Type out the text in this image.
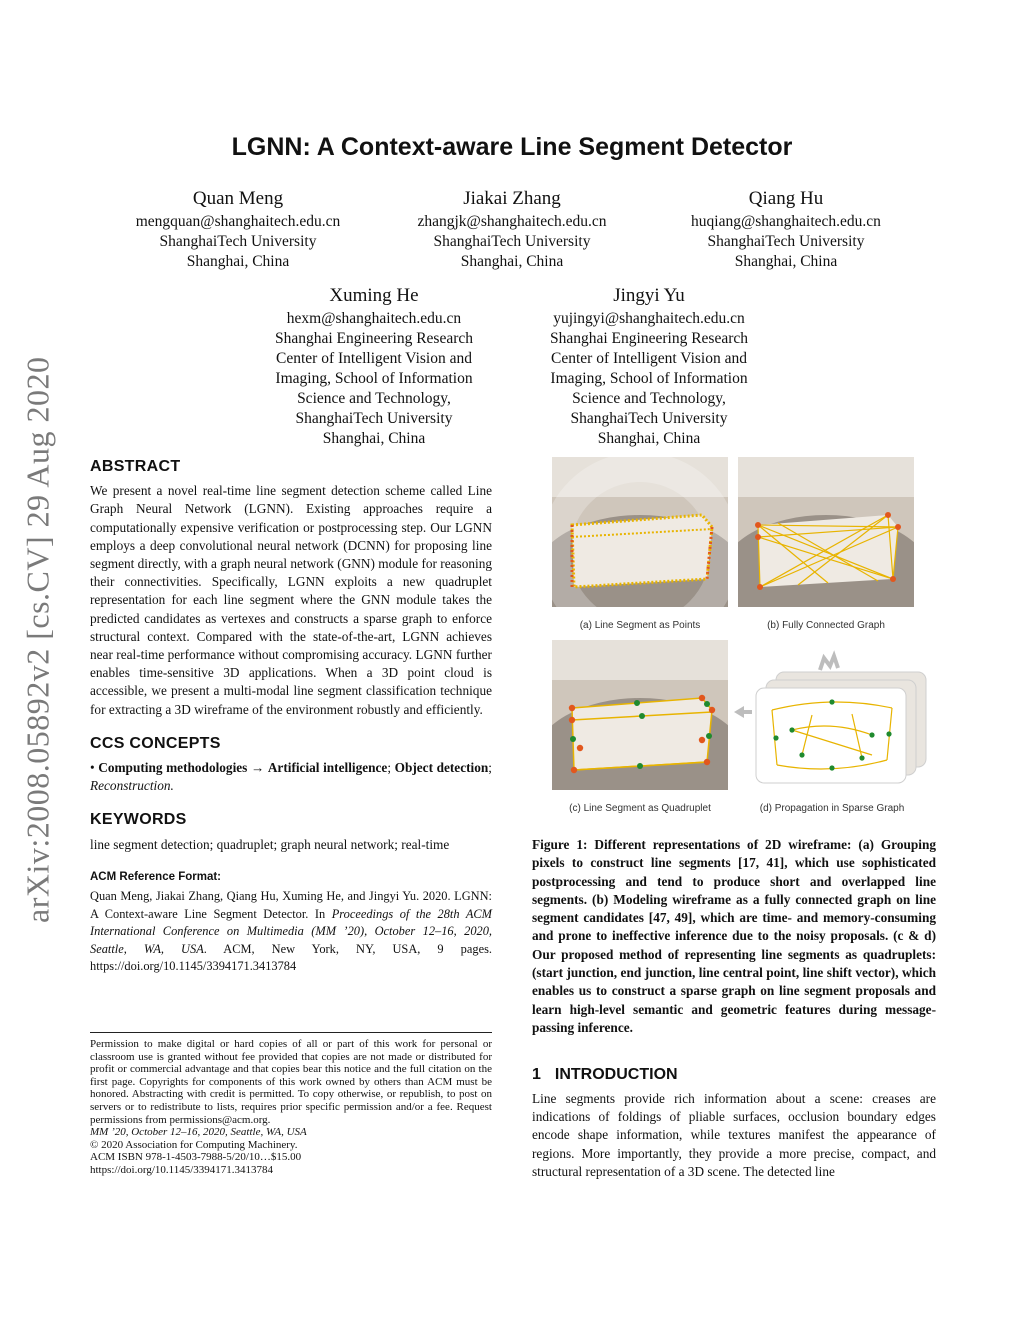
arXiv:2008.05892v2 [cs.CV] 29 Aug 2020
LGNN: A Context-aware Line Segment Detector
Quan Meng
mengquan@shanghaitech.edu.cn
ShanghaiTech University
Shanghai, China
Jiakai Zhang
zhangjk@shanghaitech.edu.cn
ShanghaiTech University
Shanghai, China
Qiang Hu
huqiang@shanghaitech.edu.cn
ShanghaiTech University
Shanghai, China
Xuming He
hexm@shanghaitech.edu.cn
Shanghai Engineering Research
Center of Intelligent Vision and
Imaging, School of Information
Science and Technology,
ShanghaiTech University
Shanghai, China
Jingyi Yu
yujingyi@shanghaitech.edu.cn
Shanghai Engineering Research
Center of Intelligent Vision and
Imaging, School of Information
Science and Technology,
ShanghaiTech University
Shanghai, China
ABSTRACT

We present a novel real-time line segment detection scheme called Line Graph Neural Network (LGNN). Existing approaches require a computationally expensive verification or postprocessing step. Our LGNN employs a deep convolutional neural network (DCNN) for proposing line segment directly, with a graph neural network (GNN) module for reasoning their connectivities. Specifically, LGNN exploits a new quadruplet representation for each line segment where the GNN module takes the predicted candidates as vertexes and constructs a sparse graph to enforce structural context. Compared with the state-of-the-art, LGNN achieves near real-time performance without compromising accuracy. LGNN further enables time-sensitive 3D applications. When a 3D point cloud is accessible, we present a multi-modal line segment classification technique for extracting a 3D wireframe of the environment robustly and efficiently.

CCS CONCEPTS

• Computing methodologies → Artificial intelligence; Object detection; Reconstruction.

KEYWORDS

line segment detection; quadruplet; graph neural network; real-time

ACM Reference Format:

Quan Meng, Jiakai Zhang, Qiang Hu, Xuming He, and Jingyi Yu. 2020. LGNN: A Context-aware Line Segment Detector. In Proceedings of the 28th ACM International Conference on Multimedia (MM ’20), October 12–16, 2020, Seattle, WA, USA. ACM, New York, NY, USA, 9 pages. https://doi.org/10.1145/3394171.3413784

Permission to make digital or hard copies of all or part of this work for personal or classroom use is granted without fee provided that copies are not made or distributed for profit or commercial advantage and that copies bear this notice and the full citation on the first page. Copyrights for components of this work owned by others than ACM must be honored. Abstracting with credit is permitted. To copy otherwise, or republish, to post on servers or to redistribute to lists, requires prior specific permission and/or a fee. Request permissions from permissions@acm.org.

MM ’20, October 12–16, 2020, Seattle, WA, USA

© 2020 Association for Computing Machinery.

ACM ISBN 978-1-4503-7988-5/20/10…$15.00

https://doi.org/10.1145/3394171.3413784

(a) Line Segment as Points	(b) Fully Connected Graph
(c) Line Segment as Quadruplet	(d) Propagation in Sparse Graph
Figure 1: Different representations of 2D wireframe: (a) Grouping pixels to construct line segments [17, 41], which use sophisticated postprocessing and tend to produce short and overlapped line segments. (b) Modeling wireframe as a fully connected graph on line segment candidates [47, 49], which are time- and memory-consuming and prone to ineffective inference due to the noisy proposals. (c & d) Our proposed method of representing line segments as quadruplets: (start junction, end junction, line central point, line shift vector), which enables us to construct a sparse graph on line segment proposals and learn high-level semantic and geometric features during message-passing inference.
1 INTRODUCTION

Line segments provide rich information about a scene: creases are indications of foldings of pliable surfaces, occlusion boundary edges encode shape information, while textures manifest the appearance of regions. More importantly, they provide a more precise, compact, and structural representation of a 3D scene. The detected line
